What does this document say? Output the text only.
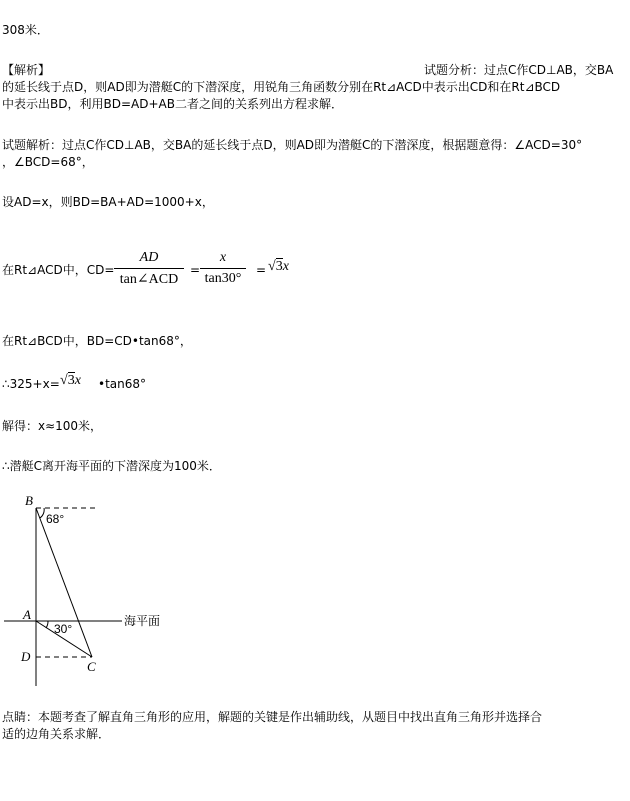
308米．
【解析】	试题分析：过点C作CD⊥AB，交BA
的延长线于点D，则AD即为潜艇C的下潜深度，用锐角三角函数分别在Rt⊿ACD中表示出CD和在Rt⊿BCD
中表示出BD，利用BD=AD+AB二者之间的关系列出方程求解．
试题解析：过点C作CD⊥AB，交BA的延长线于点D，则AD即为潜艇C的下潜深度，根据题意得：∠ACD=30°
，∠BCD=68°，
设AD=x，则BD=BA+AD=1000+x，
在Rt⊿ACD中，CD=
AD
tan∠ACD
=
x
tan30°
= √3x
在Rt⊿BCD中，BD=CD•tan68°，
∴325+x= √3x •tan68°
解得：x≈100米，
∴潜艇C离开海平面的下潜深度为100米．
B
68°
A
30°
海平面
D
C
点睛：本题考查了解直角三角形的应用，解题的关键是作出辅助线，从题目中找出直角三角形并选择合
适的边角关系求解．
